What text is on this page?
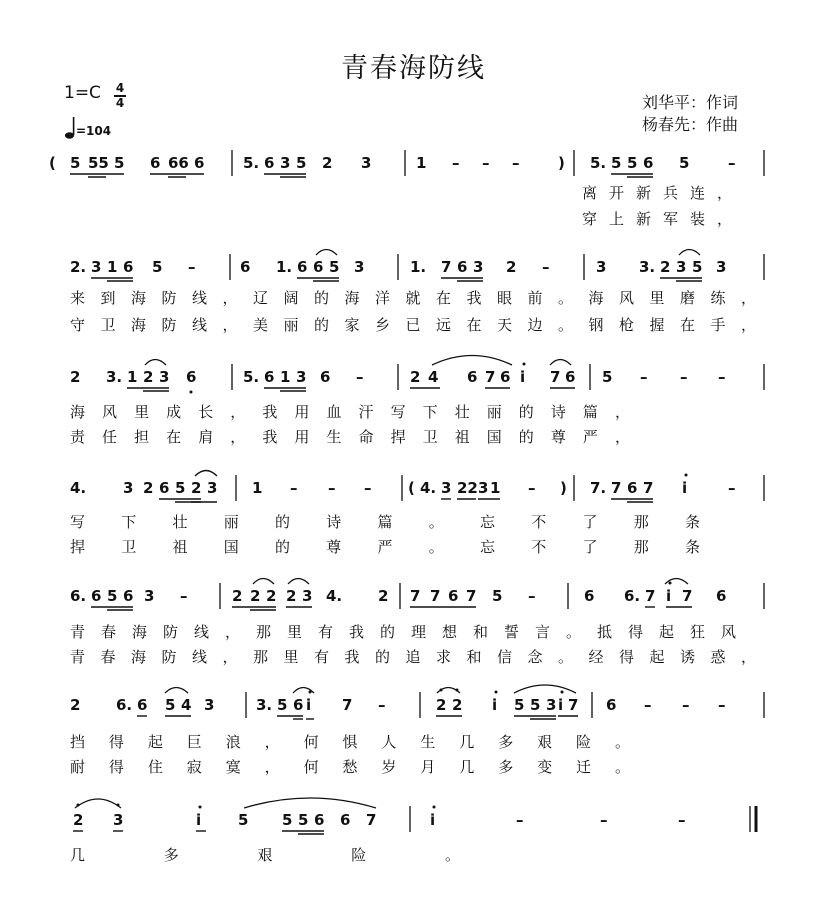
青春海防线
1=C 4
4
=104
刘华平：作词
杨春先：作曲
( 5 55 5 6 66 6	5. 6 3 5 2 3	1 – – –	) 5. 5 5 6 5	–
离开新兵连，
穿上新军装，
2. 3 1 6 5 –	6 1. 6 6 5 3	1. 7 6 3 2 –	3 3. 2 3 5 3
来到海防线，辽阔的海洋就在我眼前。海风里磨练，
守卫海防线，美丽的家乡已远在天边。钢枪握在手，
2 3. 1 2 3 6	5. 6 1 3 6 –	2 4 6 7 6 i 7 6 5 – – –
海风里成长，我用血汗写下壮丽的诗篇，
责任担在肩，我用生命捍卫祖国的尊严，
4. 3 2 6 5 2 3 1 – – – ( 4. 3 22 3 1 – ) 7. 7 6 7 i	–
写下壮丽的诗篇。忘不了那条
捍卫祖国的尊严。忘不了那条
6. 6 5 6 3 –	2 2 2 2 3 4. 2 7 7 6 7 5 –	6 6. 7 i 7 6
青春海防线，那里有我的理想和誓言。抵得起狂风
青春海防线，那里有我的追求和信念。经得起诱惑，
2 6. 6 5 4 3	3. 5 6 i 7 –	2 2 i 5 5 3 i 7 6 – – –
挡得起巨浪，何惧人生几多艰险。
耐得住寂寞，何愁岁月几多变迁。
2 3	i 5 5 5 6 6 7	i	–	–	–
几多艰险。
